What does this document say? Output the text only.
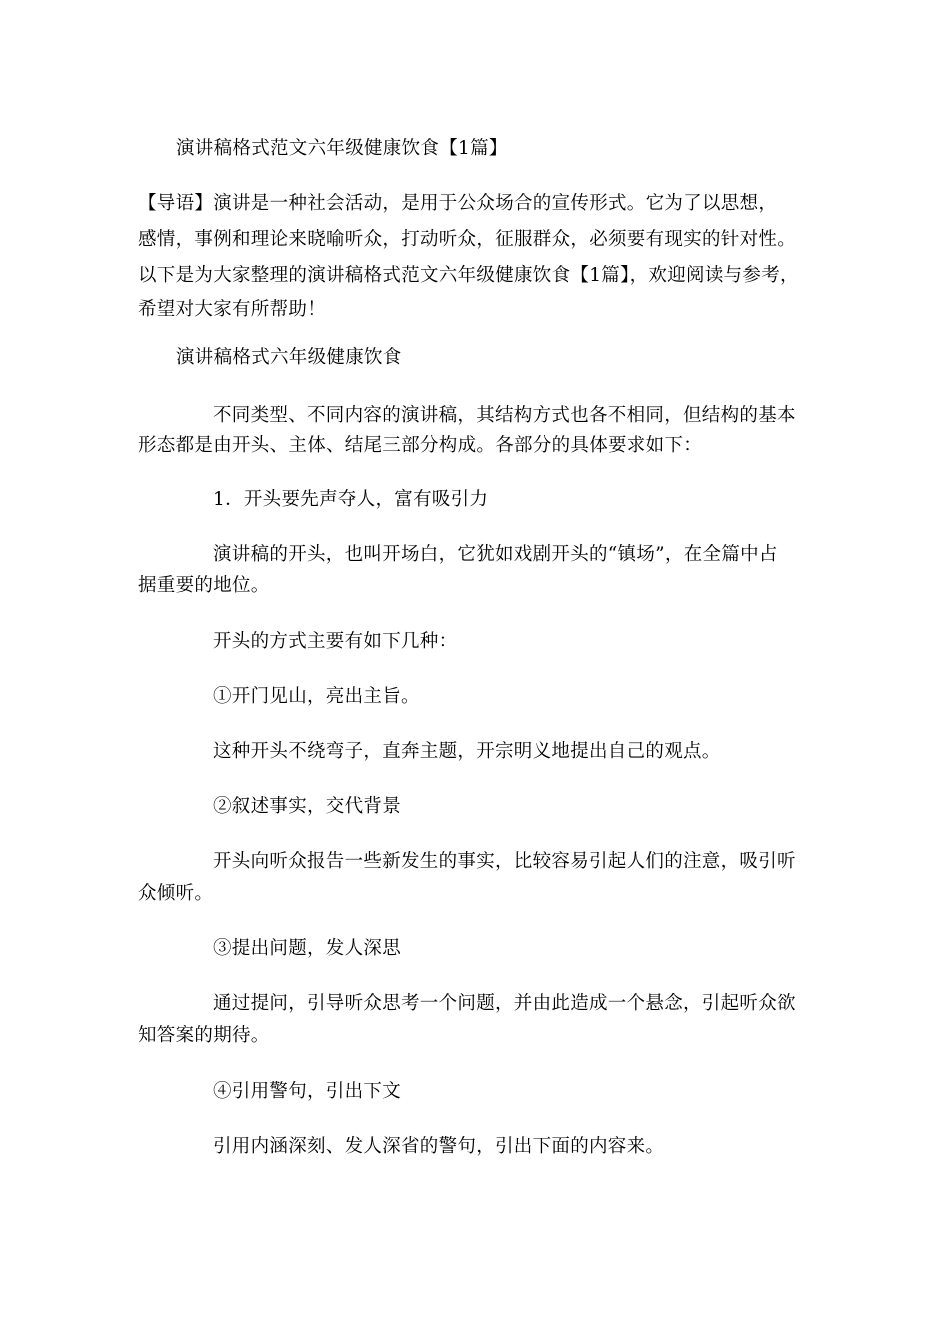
演讲稿格式范文六年级健康饮食【1篇】
【导语】演讲是一种社会活动，是用于公众场合的宣传形式。它为了以思想，
感情，事例和理论来晓喻听众，打动听众，征服群众，必须要有现实的针对性。
以下是为大家整理的演讲稿格式范文六年级健康饮食【1篇】，欢迎阅读与参考，
希望对大家有所帮助！
演讲稿格式六年级健康饮食
不同类型、不同内容的演讲稿，其结构方式也各不相同，但结构的基本
形态都是由开头、主体、结尾三部分构成。各部分的具体要求如下：
1．开头要先声夺人，富有吸引力
演讲稿的开头，也叫开场白，它犹如戏剧开头的“镇场”，在全篇中占
据重要的地位。
开头的方式主要有如下几种：
①开门见山，亮出主旨。
这种开头不绕弯子，直奔主题，开宗明义地提出自己的观点。
②叙述事实，交代背景
开头向听众报告一些新发生的事实，比较容易引起人们的注意，吸引听
众倾听。
③提出问题，发人深思
通过提问，引导听众思考一个问题，并由此造成一个悬念，引起听众欲
知答案的期待。
④引用警句，引出下文
引用内涵深刻、发人深省的警句，引出下面的内容来。
